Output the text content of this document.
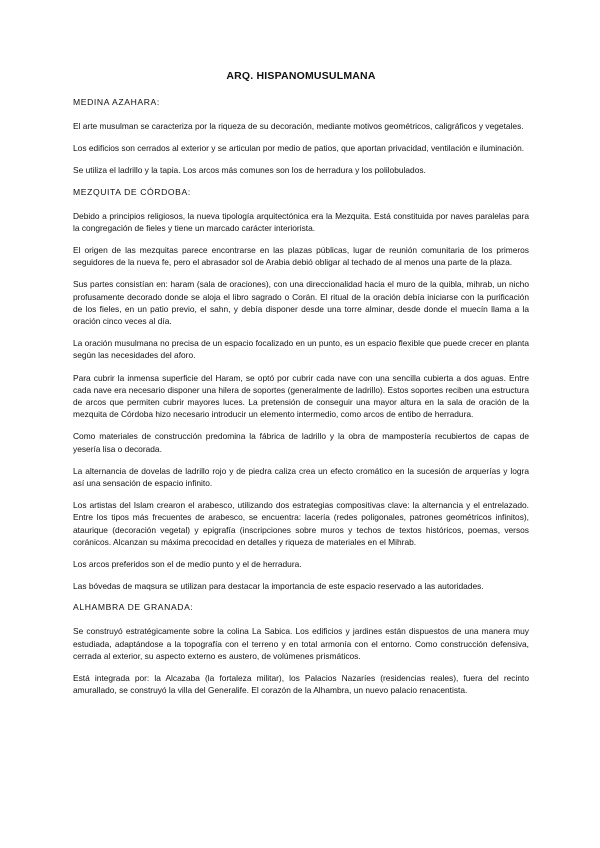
ARQ. HISPANOMUSULMANA
MEDINA AZAHARA:

El arte musulman se caracteriza por la riqueza de su decoración, mediante motivos geométricos, caligráficos y vegetales.

Los edificios son cerrados al exterior y se articulan por medio de patios, que aportan privacidad, ventilación e iluminación.

Se utiliza el ladrillo y la tapia. Los arcos más comunes son los de herradura y los polilobulados.

MEZQUITA DE CÓRDOBA:

Debido a principios religiosos, la nueva tipología arquitectónica era la Mezquita. Está constituida por naves paralelas para la congregación de fieles y tiene un marcado carácter interiorista.

El origen de las mezquitas parece encontrarse en las plazas públicas, lugar de reunión comunitaria de los primeros seguidores de la nueva fe, pero el abrasador sol de Arabia debió obligar al techado de al menos una parte de la plaza.

Sus partes consistían en: haram (sala de oraciones), con una direccionalidad hacia el muro de la quibla, mihrab, un nicho profusamente decorado donde se aloja el libro sagrado o Corán. El ritual de la oración debía iniciarse con la purificación de los fieles, en un patio previo, el sahn, y debía disponer desde una torre alminar, desde donde el muecín llama a la oración cinco veces al día.

La oración musulmana no precisa de un espacio focalizado en un punto, es un espacio flexible que puede crecer en planta según las necesidades del aforo.

Para cubrir la inmensa superficie del Haram, se optó por cubrir cada nave con una sencilla cubierta a dos aguas. Entre cada nave era necesario disponer una hilera de soportes (generalmente de ladrillo). Estos soportes reciben una estructura de arcos que permiten cubrir mayores luces. La pretensión de conseguir una mayor altura en la sala de oración de la mezquita de Córdoba hizo necesario introducir un elemento intermedio, como arcos de entibo de herradura.

Como materiales de construcción predomina la fábrica de ladrillo y la obra de mampostería recubiertos de capas de yesería lisa o decorada.

La alternancia de dovelas de ladrillo rojo y de piedra caliza crea un efecto cromático en la sucesión de arquerías y logra así una sensación de espacio infinito.

Los artistas del Islam crearon el arabesco, utilizando dos estrategias compositivas clave: la alternancia y el entrelazado. Entre los tipos más frecuentes de arabesco, se encuentra: lacería (redes poligonales, patrones geométricos infinitos), ataurique (decoración vegetal) y epigrafía (inscripciones sobre muros y techos de textos históricos, poemas, versos coránicos. Alcanzan su máxima precocidad en detalles y riqueza de materiales en el Mihrab.

Los arcos preferidos son el de medio punto y el de herradura.

Las bóvedas de maqsura se utilizan para destacar la importancia de este espacio reservado a las autoridades.

ALHAMBRA DE GRANADA:

Se construyó estratégicamente sobre la colina La Sabica. Los edificios y jardines están dispuestos de una manera muy estudiada, adaptándose a la topografía con el terreno y en total armonía con el entorno. Como construcción defensiva, cerrada al exterior, su aspecto externo es austero, de volúmenes prismáticos.

Está integrada por: la Alcazaba (la fortaleza militar), los Palacios Nazaríes (residencias reales), fuera del recinto amurallado, se construyó la villa del Generalife. El corazón de la Alhambra, un nuevo palacio renacentista.
